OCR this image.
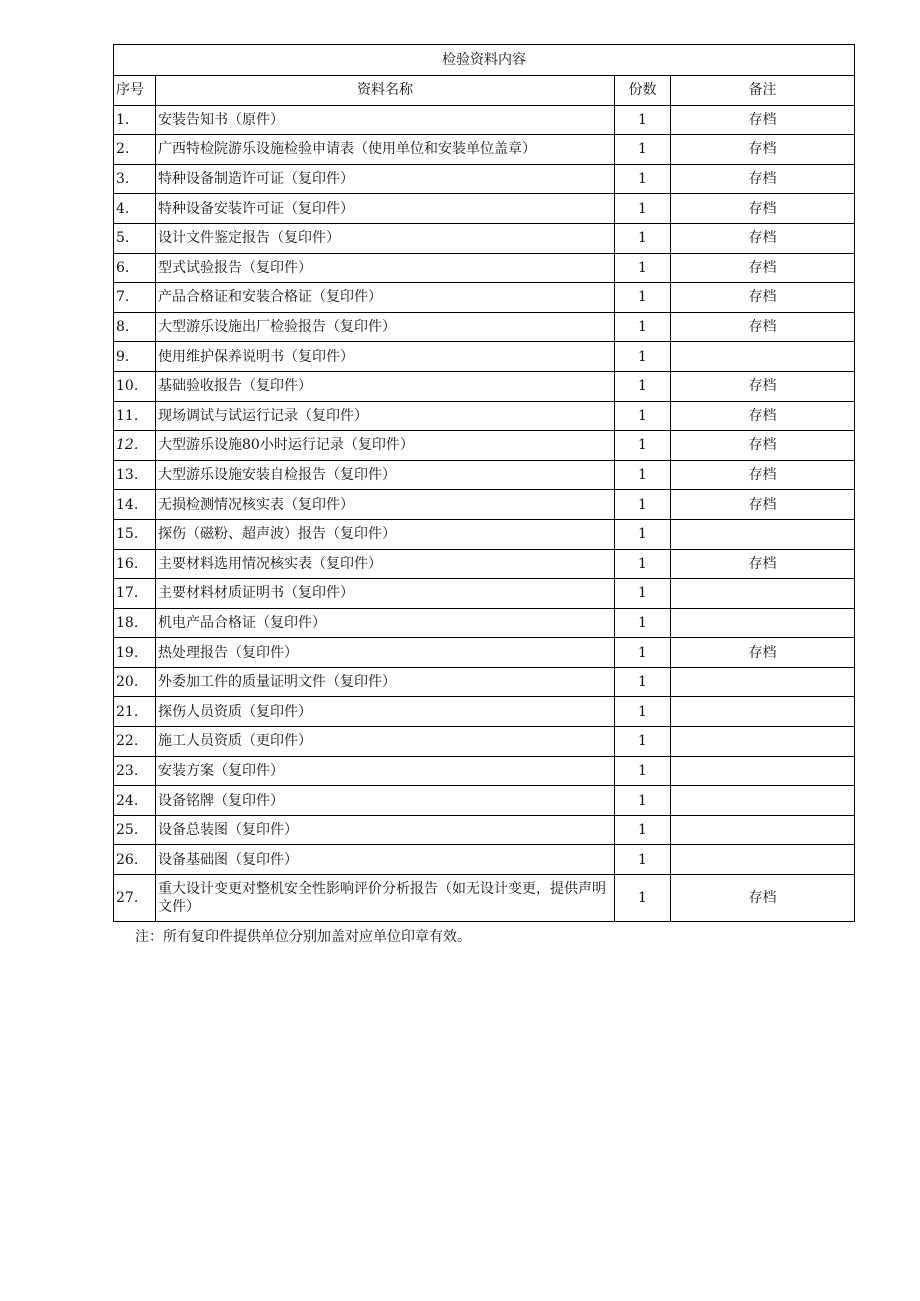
检验资料内容			
序号	资料名称	份数	备注
1.	安装告知书（原件）	1	存档
2.	广西特检院游乐设施检验申请表（使用单位和安装单位盖章）	1	存档
3.	特种设备制造许可证（复印件）	1	存档
4.	特种设备安装许可证（复印件）	1	存档
5.	设计文件鉴定报告（复印件）	1	存档
6.	型式试验报告（复印件）	1	存档
7.	产品合格证和安装合格证（复印件）	1	存档
8.	大型游乐设施出厂检验报告（复印件）	1	存档
9.	使用维护保养说明书（复印件）	1	
10.	基础验收报告（复印件）	1	存档
11.	现场调试与试运行记录（复印件）	1	存档
12.	大型游乐设施80小时运行记录（复印件）	1	存档
13.	大型游乐设施安装自检报告（复印件）	1	存档
14.	无损检测情况核实表（复印件）	1	存档
15.	探伤（磁粉、超声波）报告（复印件）	1	
16.	主要材料选用情况核实表（复印件）	1	存档
17.	主要材料材质证明书（复印件）	1	
18.	机电产品合格证（复印件）	1	
19.	热处理报告（复印件）	1	存档
20.	外委加工件的质量证明文件（复印件）	1	
21.	探伤人员资质（复印件）	1	
22.	施工人员资质（更印件）	1	
23.	安装方案（复印件）	1	
24.	设备铭牌（复印件）	1	
25.	设备总装图（复印件）	1	
26.	设备基础图（复印件）	1	
27.	重大设计变更对整机安全性影响评价分析报告（如无设计变更，提供声明文件）	1	存档
注：所有复印件提供单位分别加盖对应单位印章有效。
